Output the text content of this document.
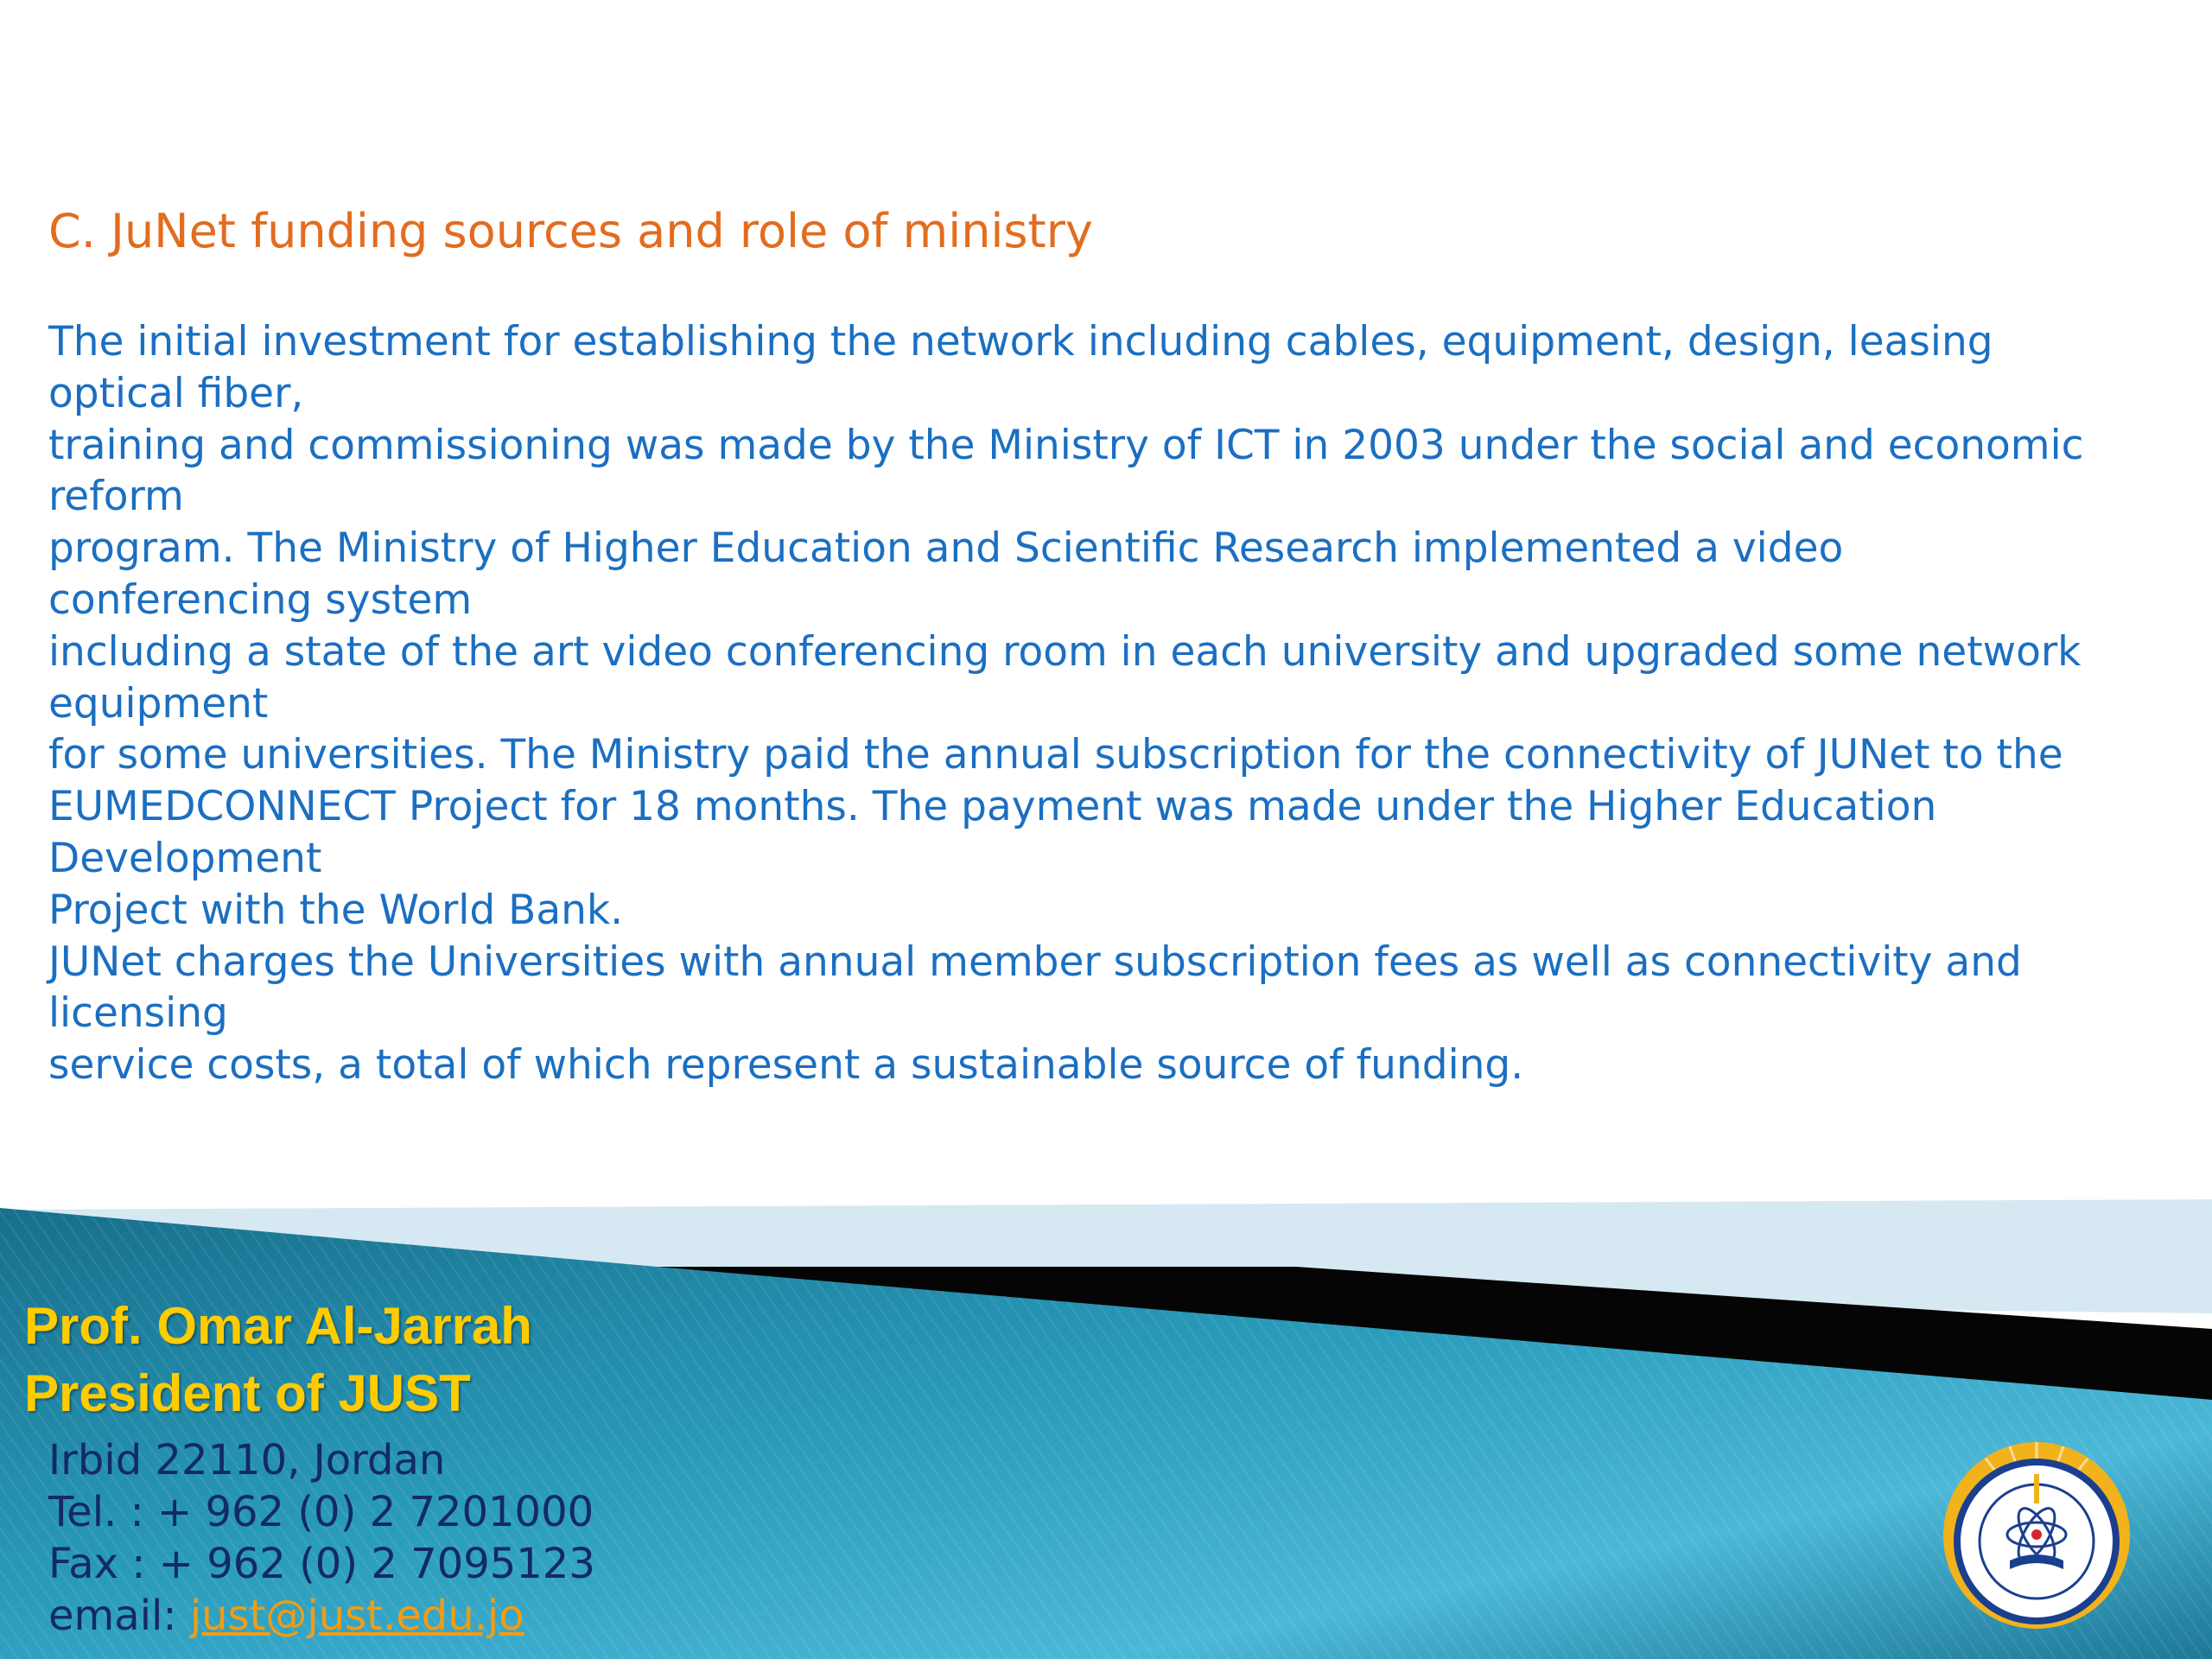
C. JuNet funding sources and role of ministry
The initial investment for establishing the network including cables, equipment, design, leasing
optical fiber,
training and commissioning was made by the Ministry of ICT in 2003 under the social and economic
reform
program. The Ministry of Higher Education and Scientific Research implemented a video
conferencing system
including a state of the art video conferencing room in each university and upgraded some network
equipment
for some universities. The Ministry paid the annual subscription for the connectivity of JUNet to the
EUMEDCONNECT Project for 18 months. The payment was made under the Higher Education
Development
Project with the World Bank.
JUNet charges the Universities with annual member subscription fees as well as connectivity and
licensing
service costs, a total of which represent a sustainable source of funding.
Prof. Omar Al-Jarrah
President of JUST
Irbid 22110, Jordan
Tel. : + 962 (0) 2 7201000
Fax : + 962 (0) 2 7095123
email: just@just.edu.jo
